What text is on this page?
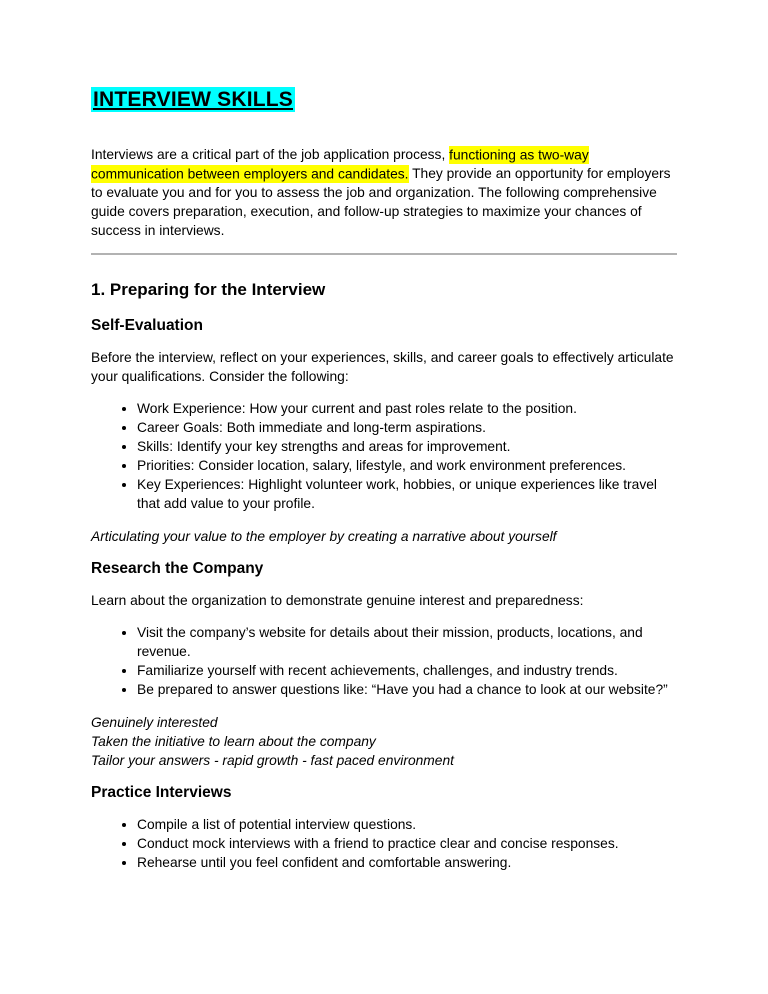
INTERVIEW SKILLS

Interviews are a critical part of the job application process, functioning as two-way communication between employers and candidates. They provide an opportunity for employers to evaluate you and for you to assess the job and organization. The following comprehensive guide covers preparation, execution, and follow-up strategies to maximize your chances of success in interviews.

1. Preparing for the Interview
Self-Evaluation

Before the interview, reflect on your experiences, skills, and career goals to effectively articulate your qualifications. Consider the following:

• Work Experience: How your current and past roles relate to the position.
• Career Goals: Both immediate and long-term aspirations.
• Skills: Identify your key strengths and areas for improvement.
• Priorities: Consider location, salary, lifestyle, and work environment preferences.
• Key Experiences: Highlight volunteer work, hobbies, or unique experiences like travel that add value to your profile.

Articulating your value to the employer by creating a narrative about yourself

Research the Company

Learn about the organization to demonstrate genuine interest and preparedness:

• Visit the company’s website for details about their mission, products, locations, and revenue.
• Familiarize yourself with recent achievements, challenges, and industry trends.
• Be prepared to answer questions like: “Have you had a chance to look at our website?”
Genuinely interested
Taken the initiative to learn about the company
Tailor your answers - rapid growth - fast paced environment
Practice Interviews
• Compile a list of potential interview questions.
• Conduct mock interviews with a friend to practice clear and concise responses.
• Rehearse until you feel confident and comfortable answering.
